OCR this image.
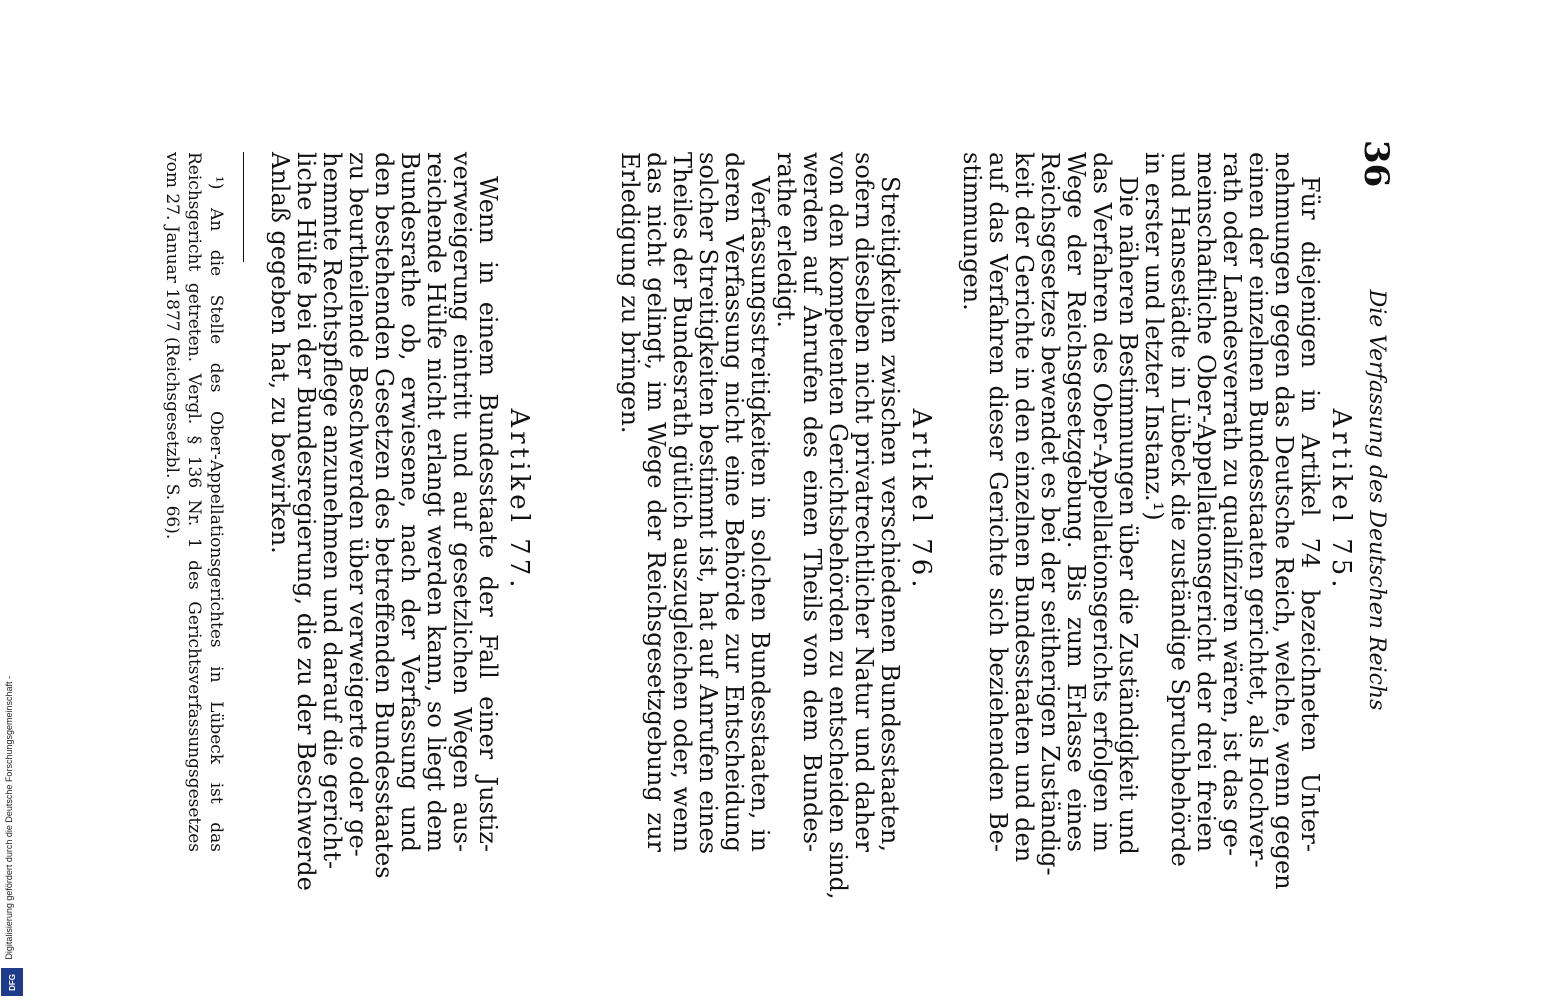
36
Die Verfassung des Deutschen Reichs
Artikel 75.
Für diejenigen in Artikel 74 bezeichneten Unter-
nehmungen gegen das Deutsche Reich, welche, wenn gegen
einen der einzelnen Bundesstaaten gerichtet, als Hochver-
rath oder Landesverrath zu qualifiziren wären, ist das ge-
meinschaftliche Ober-Appellationsgericht der drei freien
und Hansestädte in Lübeck die zuständige Spruchbehörde
in erster und letzter Instanz.¹)
Die näheren Bestimmungen über die Zuständigkeit und
das Verfahren des Ober-Appellationsgerichts erfolgen im
Wege der Reichsgesetzgebung. Bis zum Erlasse eines
Reichsgesetzes bewendet es bei der seitherigen Zuständig-
keit der Gerichte in den einzelnen Bundesstaaten und den
auf das Verfahren dieser Gerichte sich beziehenden Be-
stimmungen.
Artikel 76.
Streitigkeiten zwischen verschiedenen Bundesstaaten,
sofern dieselben nicht privatrechtlicher Natur und daher
von den kompetenten Gerichtsbehörden zu entscheiden sind,
werden auf Anrufen des einen Theils von dem Bundes-
rathe erledigt.
Verfassungsstreitigkeiten in solchen Bundesstaaten, in
deren Verfassung nicht eine Behörde zur Entscheidung
solcher Streitigkeiten bestimmt ist, hat auf Anrufen eines
Theiles der Bundesrath gütlich auszugleichen oder, wenn
das nicht gelingt, im Wege der Reichsgesetzgebung zur
Erledigung zu bringen.
Artikel 77.
Wenn in einem Bundesstaate der Fall einer Justiz-
verweigerung eintritt und auf gesetzlichen Wegen aus-
reichende Hülfe nicht erlangt werden kann, so liegt dem
Bundesrathe ob, erwiesene, nach der Verfassung und
den bestehenden Gesetzen des betreffenden Bundesstaates
zu beurtheilende Beschwerden über verweigerte oder ge-
hemmte Rechtspflege anzunehmen und darauf die gericht-
liche Hülfe bei der Bundesregierung, die zu der Beschwerde
Anlaß gegeben hat, zu bewirken.
¹) An die Stelle des Ober-Appellationsgerichtes in Lübeck ist das
Reichsgericht getreten. Vergl. § 136 Nr. 1 des Gerichtsverfassungsgesetzes
vom 27. Januar 1877 (Reichsgesetzbl. S. 66).
Digitalisierung gefördert durch die Deutsche Forschungsgemeinschaft -
DFG
